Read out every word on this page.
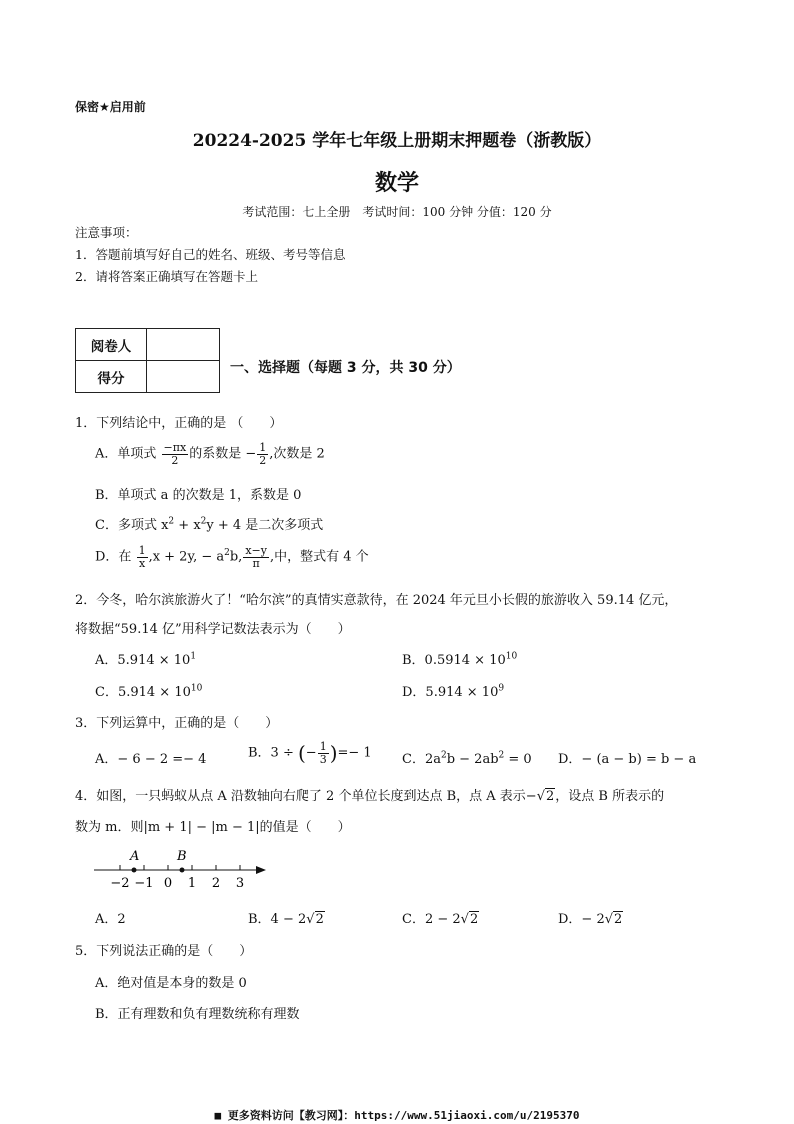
保密★启用前
20224-2025 学年七年级上册期末押题卷（浙教版）
数学
考试范围：七上全册　考试时间：100 分钟 分值：120 分
注意事项：
1．答题前填写好自己的姓名、班级、考号等信息
2．请将答案正确填写在答题卡上
阅卷人	
得分	
一、选择题（每题 3 分，共 30 分）
1．下列结论中，正确的是 （　　）
A．单项式 $\frac{-\pi x}{2}$ 的系数是 − $\frac{1}{2}$ ,次数是 2
B．单项式 a 的次数是 1，系数是 0
C．多项式 $x^2 + x^2y + 4$ 是二次多项式
D．在 $\frac{1}{x} ,x + 2y$, − $a^2b$, $\frac{x-y}{\pi}$ ,中，整式有 4 个
2．今冬，哈尔滨旅游火了！“哈尔滨”的真情实意款待，在 2024 年元旦小长假的旅游收入 59.14 亿元，
将数据“59.14 亿”用科学记数法表示为（　　）
A．$5.914 \times 10^1$	B．$0.5914 \times 10^{10}$
C．$5.914 \times 10^{10}$	D．$5.914 \times 10^9$
3．下列运算中，正确的是（　　）
A．− 6 − 2 =− 4	B．3 ÷ (− $\frac{1}{3}$ )=− 1 C．$2a^2b - 2ab^2 = 0$ D．− (a − b) = b − a
4．如图，一只蚂蚁从点 A 沿数轴向右爬了 2 个单位长度到达点 B，点 A 表示−√2，设点 B 所表示的
数为 m．则|m + 1| − |m − 1|的值是（　　）
A	B
−2 −1 0 1 2 3
A．2	B．4 − 2√2	C．2 − 2√2	D．− 2√2
5．下列说法正确的是（　　）
A．绝对值是本身的数是 0
B．正有理数和负有理数统称有理数
■ 更多资料访问【教习网】：https://www.51jiaoxi.com/u/2195370
